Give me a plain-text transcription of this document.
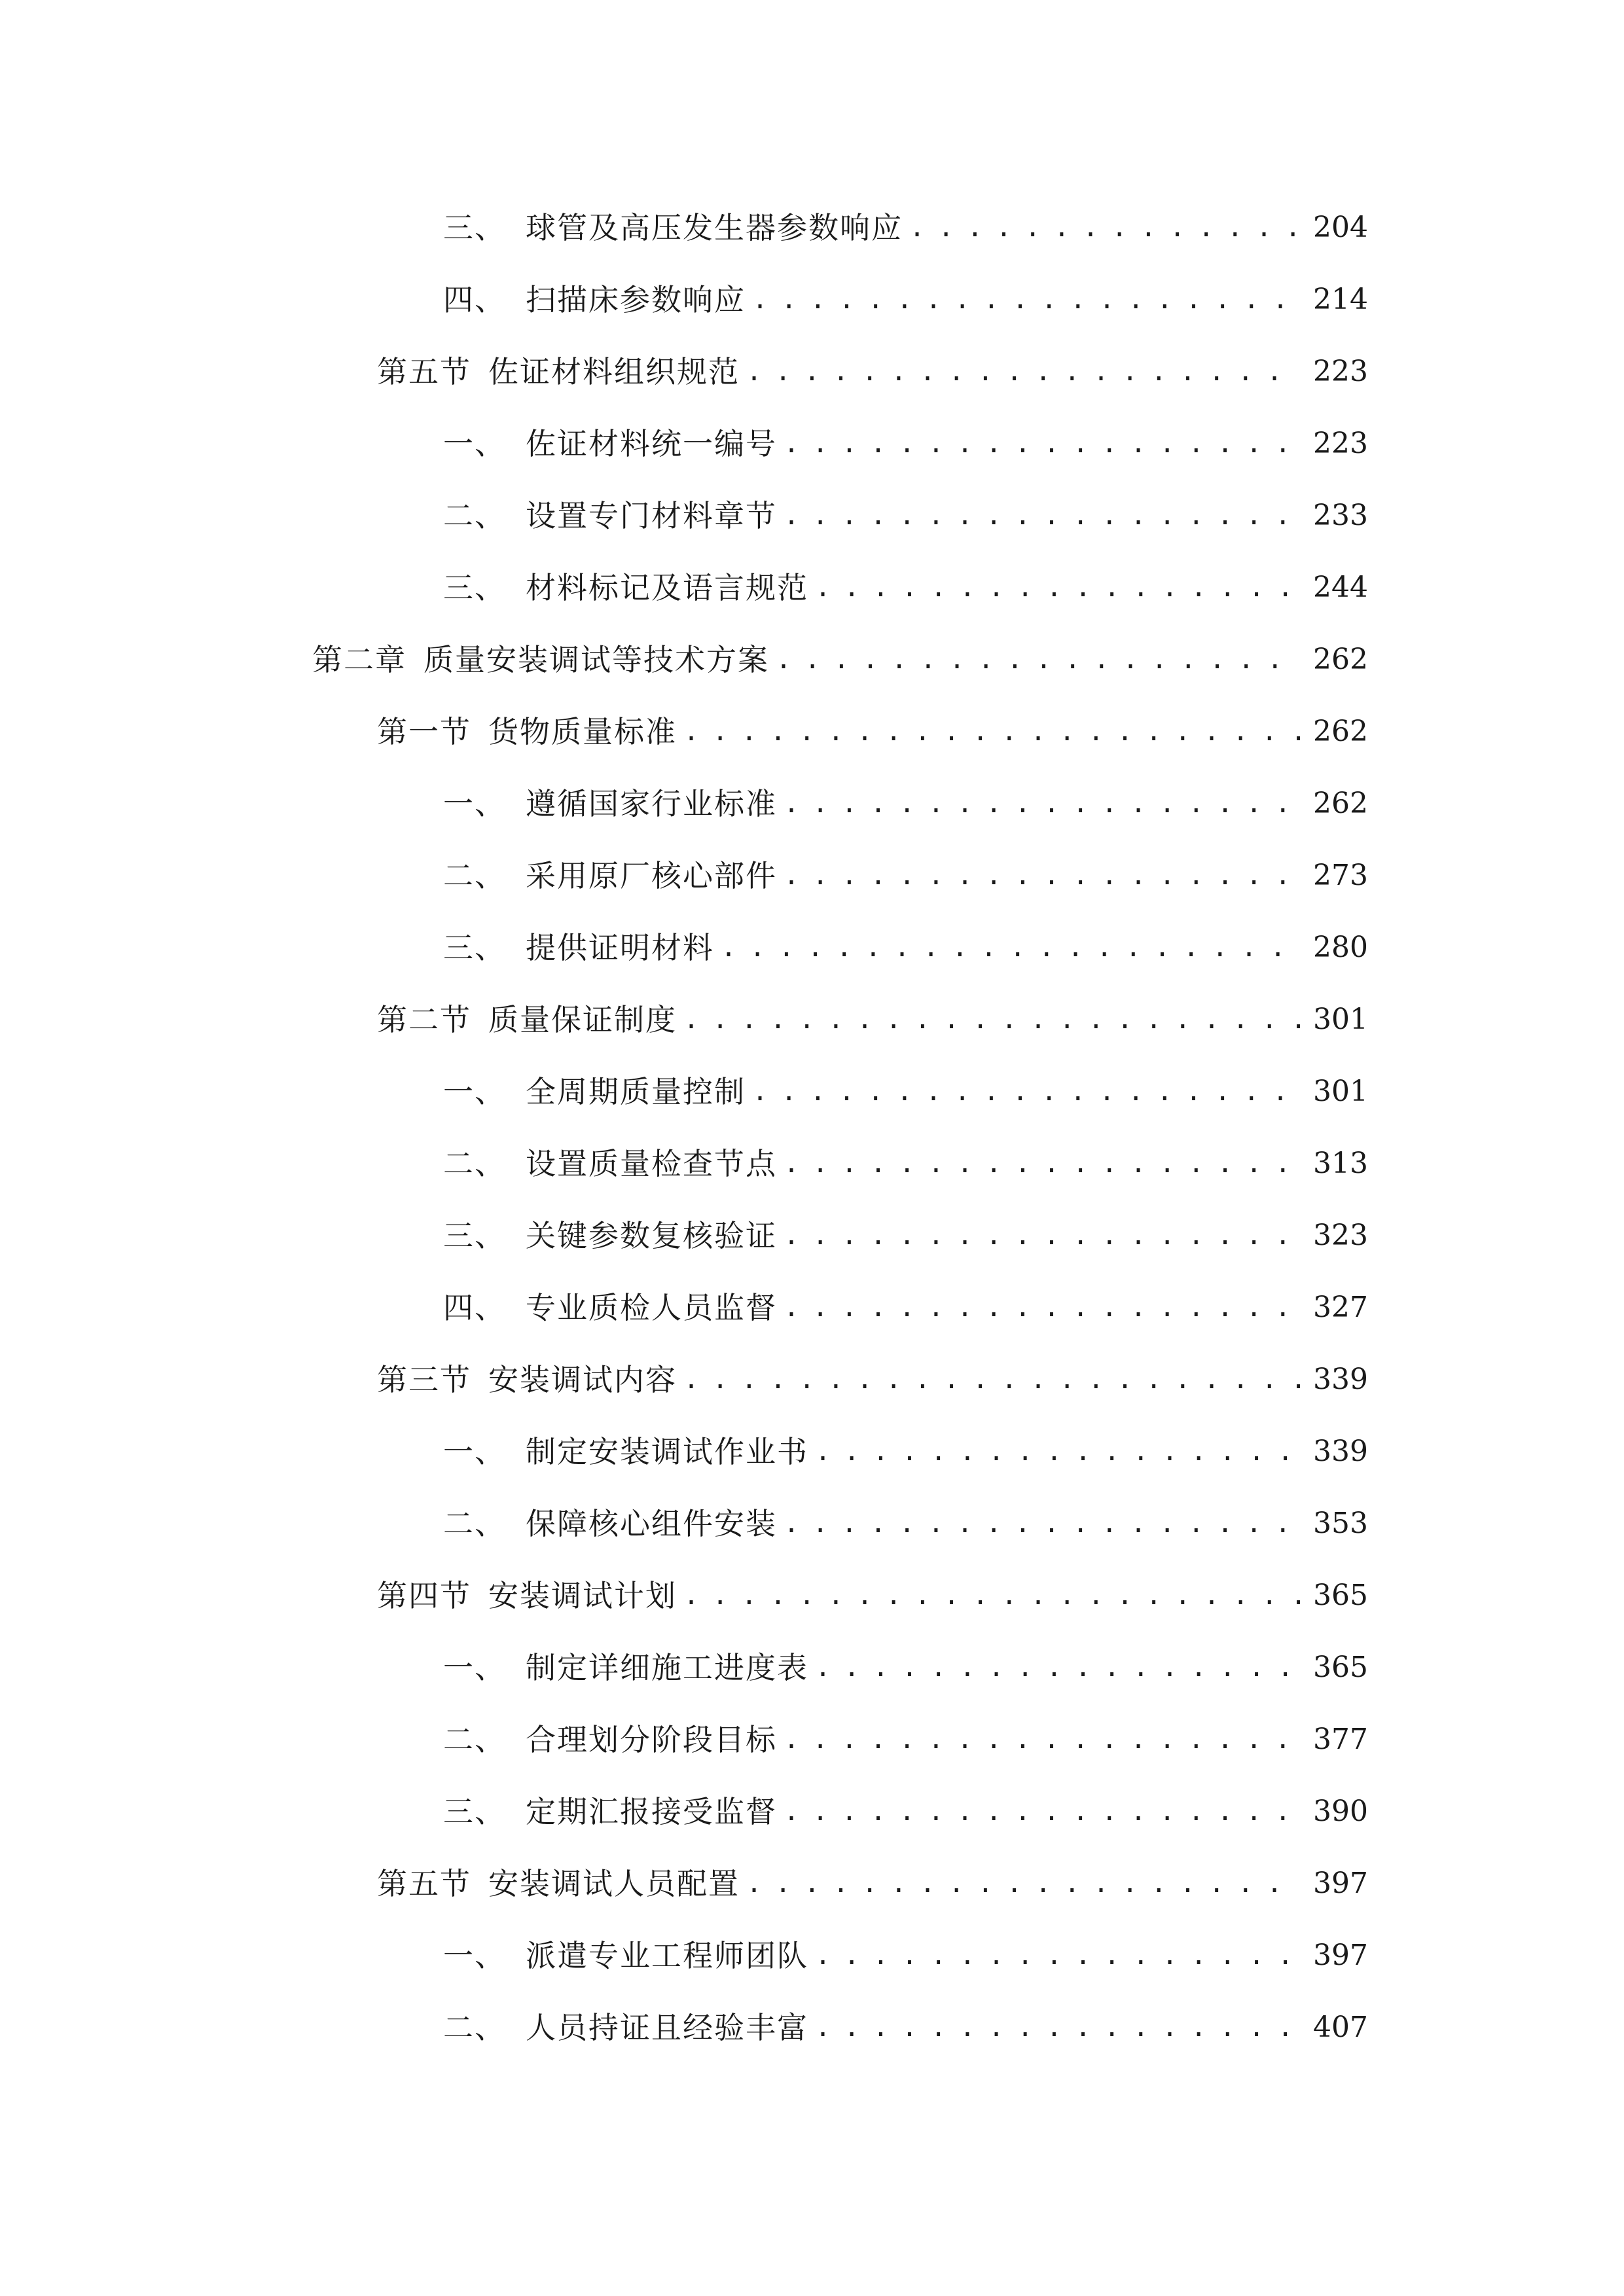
三、 球管及高压发生器参数响应 . . .	204
四、 扫描床参数响应 . . .	214
第五节 佐证材料组织规范 . . .	223
一、 佐证材料统一编号 . . .	223
二、 设置专门材料章节 . . .	233
三、 材料标记及语言规范 . . .	244
第二章 质量安装调试等技术方案 . . .	262
第一节 货物质量标准 . . .	262
一、 遵循国家行业标准 . . .	262
二、 采用原厂核心部件 . . .	273
三、 提供证明材料 . . .	280
第二节 质量保证制度 . . .	301
一、 全周期质量控制 . . .	301
二、 设置质量检查节点 . . .	313
三、 关键参数复核验证 . . .	323
四、 专业质检人员监督 . . .	327
第三节 安装调试内容 . . .	339
一、 制定安装调试作业书 . . .	339
二、 保障核心组件安装 . . .	353
第四节 安装调试计划 . . .	365
一、 制定详细施工进度表 . . .	365
二、 合理划分阶段目标 . . .	377
三、 定期汇报接受监督 . . .	390
第五节 安装调试人员配置 . . .	397
一、 派遣专业工程师团队 . . .	397
二、 人员持证且经验丰富 . . .	407
